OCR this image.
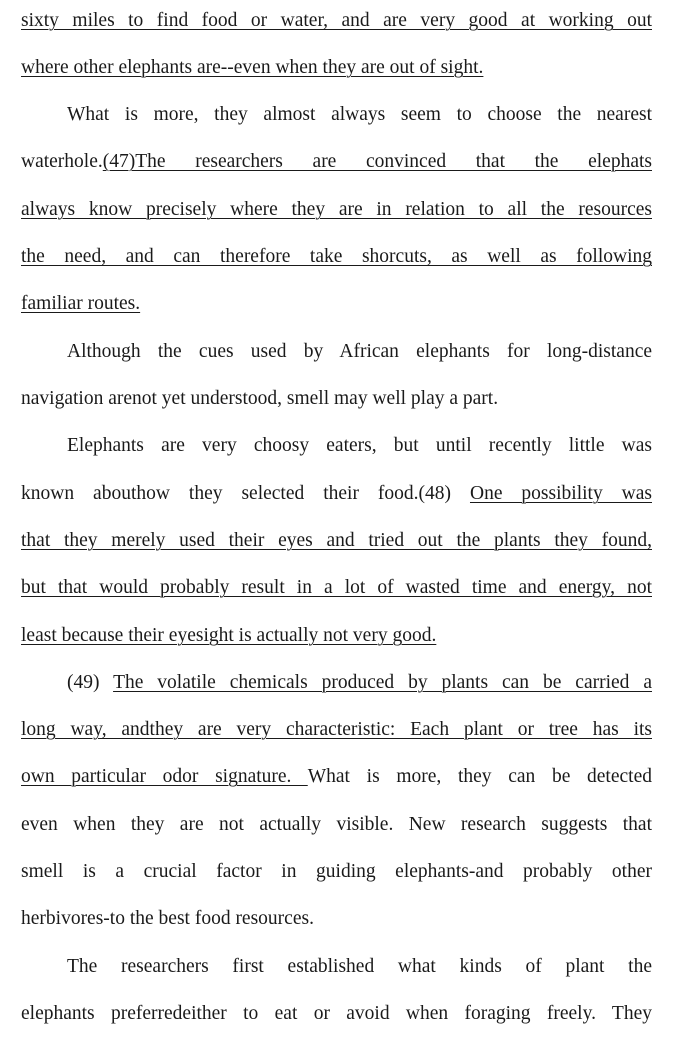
sixty miles to find food or water, and are very good at working out
where other elephants are--even when they are out of sight.
What is more, they almost always seem to choose the nearest
waterhole.(47)The researchers are convinced that the elephats
always know precisely where they are in relation to all the resources
the need, and can therefore take shorcuts, as well as following
familiar routes.
Although the cues used by African elephants for long-distance
navigation arenot yet understood, smell may well play a part.
Elephants are very choosy eaters, but until recently little was
known abouthow they selected their food.(48) One possibility was
that they merely used their eyes and tried out the plants they found,
but that would probably result in a lot of wasted time and energy, not
least because their eyesight is actually not very good.
(49) The volatile chemicals produced by plants can be carried a
long way, andthey are very characteristic: Each plant or tree has its
own particular odor signature. What is more, they can be detected
even when they are not actually visible. New research suggests that
smell is a crucial factor in guiding elephants-and probably other
herbivores-to the best food resources.
The researchers first established what kinds of plant the
elephants preferredeither to eat or avoid when foraging freely. They
